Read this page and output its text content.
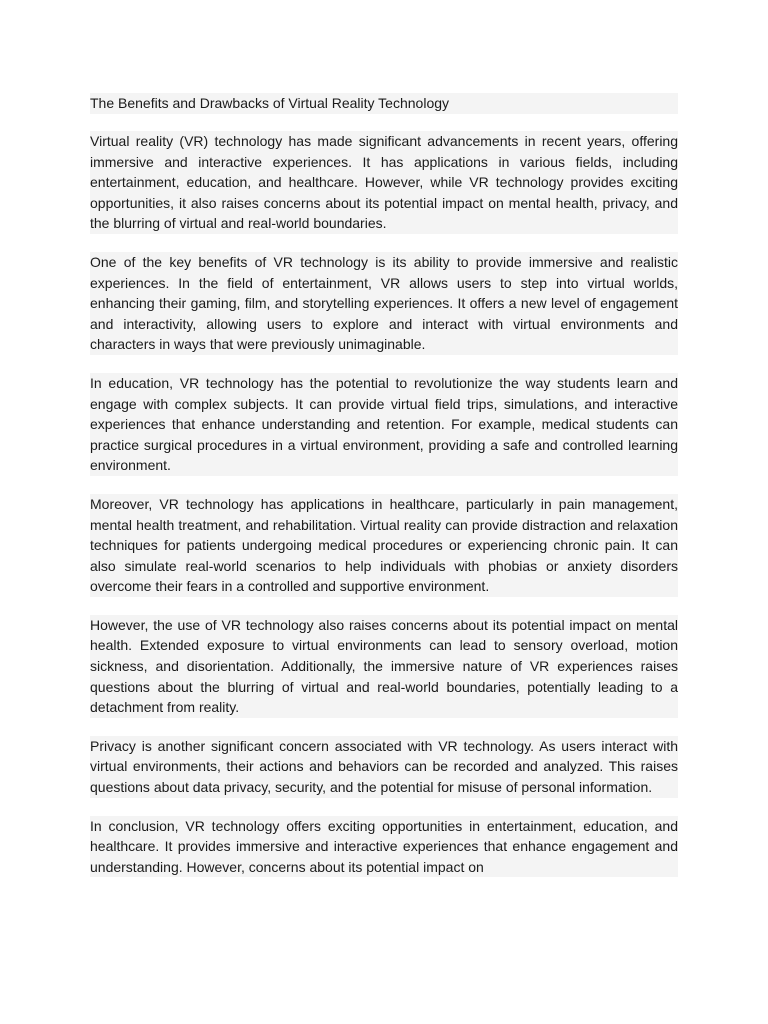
The Benefits and Drawbacks of Virtual Reality Technology

Virtual reality (VR) technology has made significant advancements in recent years, offering immersive and interactive experiences. It has applications in various fields, including entertainment, education, and healthcare. However, while VR technology provides exciting opportunities, it also raises concerns about its potential impact on mental health, privacy, and the blurring of virtual and real-world boundaries.

One of the key benefits of VR technology is its ability to provide immersive and realistic experiences. In the field of entertainment, VR allows users to step into virtual worlds, enhancing their gaming, film, and storytelling experiences. It offers a new level of engagement and interactivity, allowing users to explore and interact with virtual environments and characters in ways that were previously unimaginable.

In education, VR technology has the potential to revolutionize the way students learn and engage with complex subjects. It can provide virtual field trips, simulations, and interactive experiences that enhance understanding and retention. For example, medical students can practice surgical procedures in a virtual environment, providing a safe and controlled learning environment.

Moreover, VR technology has applications in healthcare, particularly in pain management, mental health treatment, and rehabilitation. Virtual reality can provide distraction and relaxation techniques for patients undergoing medical procedures or experiencing chronic pain. It can also simulate real-world scenarios to help individuals with phobias or anxiety disorders overcome their fears in a controlled and supportive environment.

However, the use of VR technology also raises concerns about its potential impact on mental health. Extended exposure to virtual environments can lead to sensory overload, motion sickness, and disorientation. Additionally, the immersive nature of VR experiences raises questions about the blurring of virtual and real-world boundaries, potentially leading to a detachment from reality.

Privacy is another significant concern associated with VR technology. As users interact with virtual environments, their actions and behaviors can be recorded and analyzed. This raises questions about data privacy, security, and the potential for misuse of personal information.

In conclusion, VR technology offers exciting opportunities in entertainment, education, and healthcare. It provides immersive and interactive experiences that enhance engagement and understanding. However, concerns about its potential impact on
